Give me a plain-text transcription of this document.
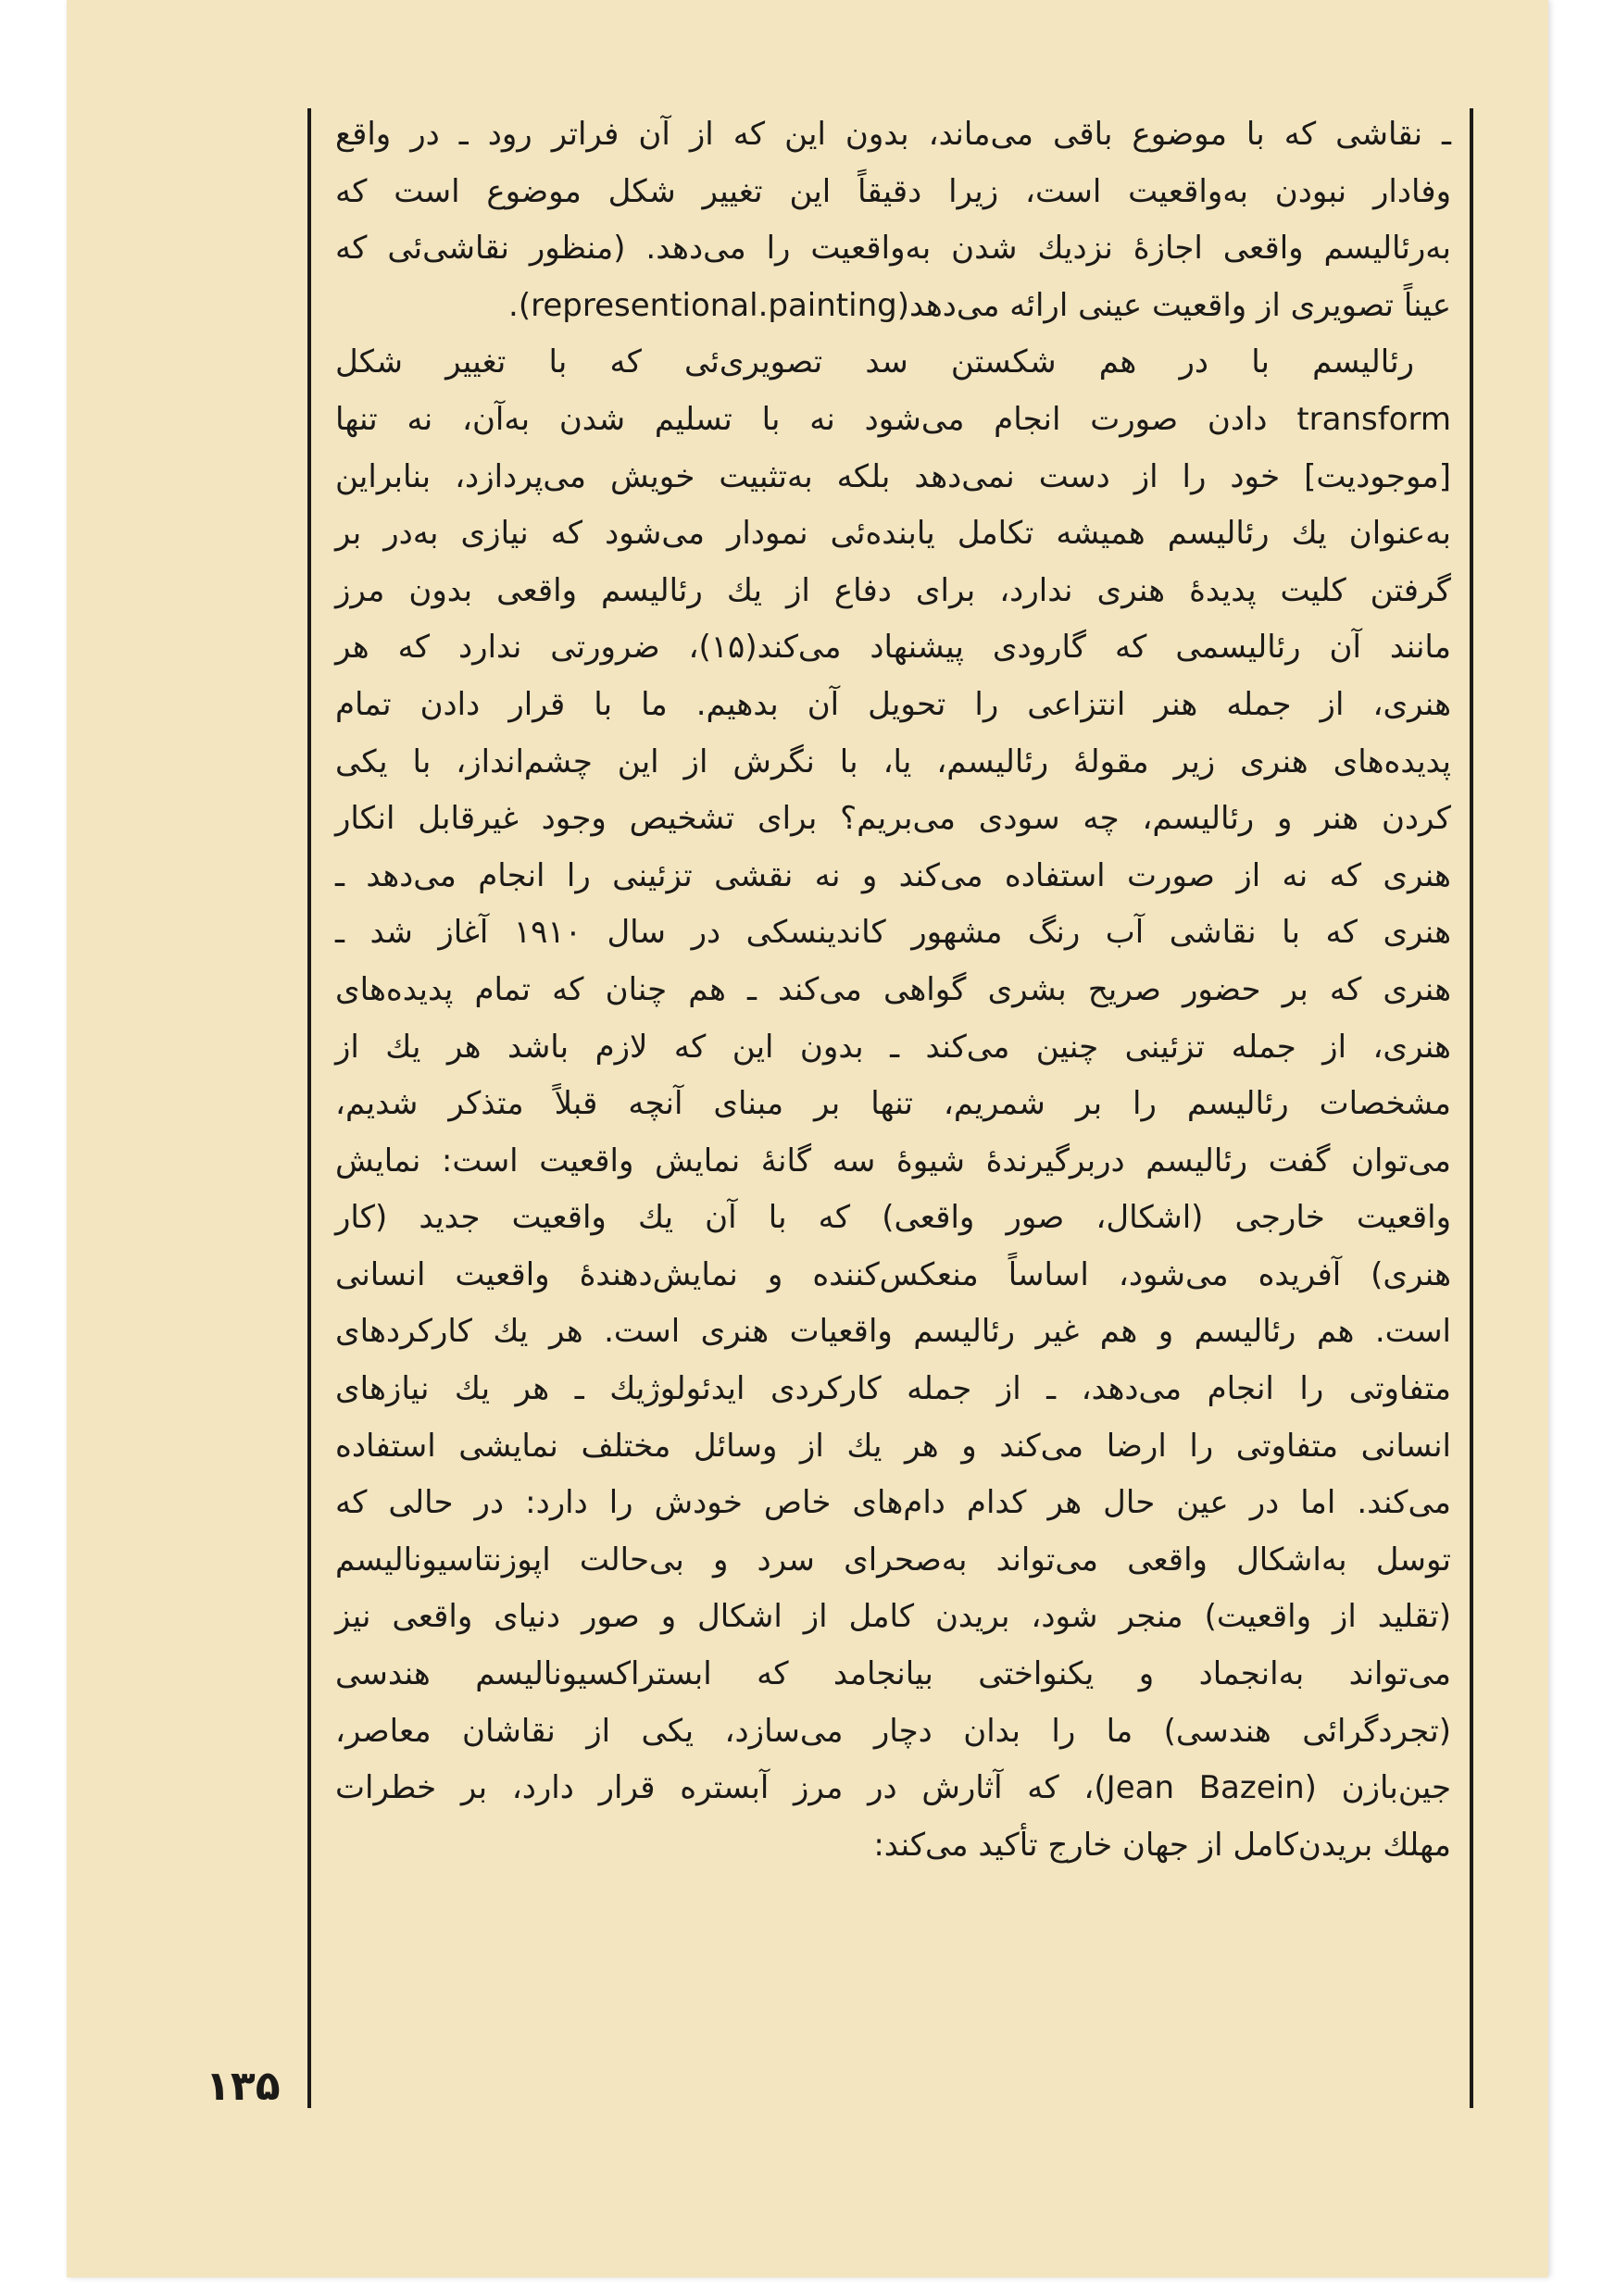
ـ نقاشی که با موضوع باقی می‌ماند، بدون این که از آن فراتر رود ـ در واقع
وفادار نبودن به‌واقعیت است، زیرا دقیقاً این تغییر شکل موضوع است که
به‌رئالیسم واقعی اجازهٔ نزدیك شدن به‌واقعیت را می‌دهد. (منظور نقاشی‌ئی که
عیناً تصویری از واقعیت عینی ارائه می‌دهد(representional.painting).
رئالیسم با در هم شکستن سد تصویری‌ئی که با تغییر شکل
transform دادن صورت انجام می‌شود نه با تسلیم شدن به‌آن، نه تنها
[موجودیت] خود را از دست نمی‌دهد بلکه به‌تثبیت خویش می‌پردازد، بنابراین
به‌عنوان یك رئالیسم همیشه تکامل یابنده‌ئی نمودار می‌شود که نیازی به‌در بر
گرفتن کلیت پدیدهٔ هنری ندارد، برای دفاع از یك رئالیسم واقعی بدون مرز
مانند آن رئالیسمی که گارودی پیشنهاد می‌کند(۱۵)، ضرورتی ندارد که هر
هنری، از جمله هنر انتزاعی را تحویل آن بدهیم. ما با قرار دادن تمام
پدیده‌های هنری زیر مقولهٔ رئالیسم، یا، با نگرش از این چشم‌انداز، با یکی
کردن هنر و رئالیسم، چه سودی می‌بریم؟ برای تشخیص وجود غیرقابل انکار
هنری که نه از صورت استفاده می‌کند و نه نقشی تزئینی را انجام می‌دهد ـ
هنری که با نقاشی آب رنگ مشهور کاندینسکی در سال ۱۹۱۰ آغاز شد ـ
هنری که بر حضور صریح بشری گواهی می‌کند ـ هم چنان که تمام پدیده‌های
هنری، از جمله تزئینی چنین می‌کند ـ بدون این که لازم باشد هر یك از
مشخصات رئالیسم را بر شمریم، تنها بر مبنای آنچه قبلاً متذکر شدیم،
می‌توان گفت رئالیسم دربرگیرندهٔ شیوهٔ سه گانهٔ نمایش واقعیت است: نمایش
واقعیت خارجی (اشکال، صور واقعی) که با آن یك واقعیت جدید (کار
هنری) آفریده می‌شود، اساساً منعکس‌کننده و نمایش‌دهندهٔ واقعیت انسانی
است. هم رئالیسم و هم غیر رئالیسم واقعیات هنری است. هر یك کارکردهای
متفاوتی را انجام می‌دهد، ـ از جمله کارکردی ایدئولوژیك ـ هر یك نیازهای
انسانی متفاوتی را ارضا می‌کند و هر یك از وسائل مختلف نمایشی استفاده
می‌کند. اما در عین حال هر کدام دام‌های خاص خودش را دارد: در حالی که
توسل به‌اشکال واقعی می‌تواند به‌صحرای سرد و بی‌حالت اپوزنتاسیونالیسم
(تقلید از واقعیت) منجر شود، بریدن کامل از اشکال و صور دنیای واقعی نیز
می‌تواند به‌انجماد و یکنواختی بیانجامد که ابستراکسیونالیسم هندسی
(تجردگرائی هندسی) ما را بدان دچار می‌سازد، یکی از نقاشان معاصر،
جین‌بازن (Jean Bazein)، که آثارش در مرز آبستره قرار دارد، بر خطرات
مهلك بریدن‌کامل از جهان خارج تأکید می‌کند:
۱۳۵
